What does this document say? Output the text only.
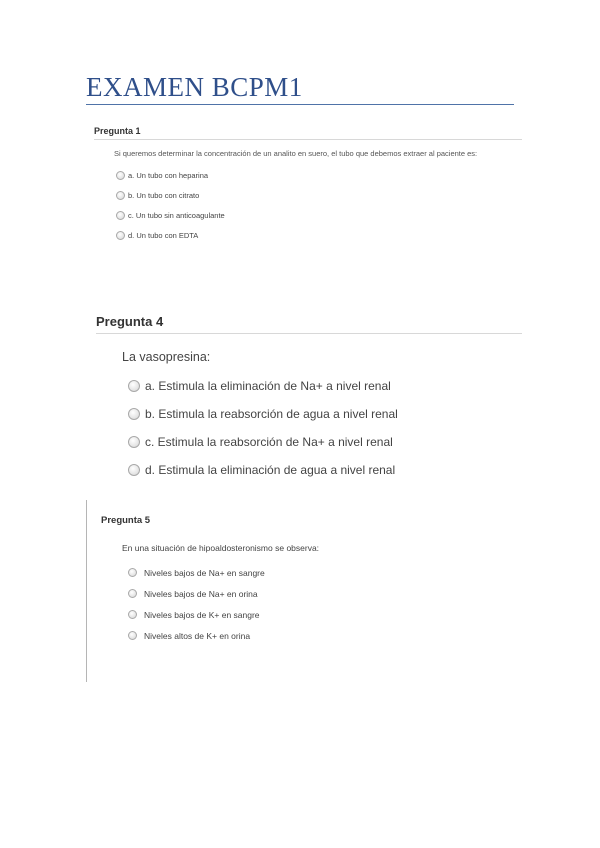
EXAMEN BCPM1
Pregunta 1
Si queremos determinar la concentración de un analito en suero, el tubo que debemos extraer al paciente es:
a. Un tubo con heparina
b. Un tubo con citrato
c. Un tubo sin anticoagulante
d. Un tubo con EDTA
Pregunta 4
La vasopresina:
a. Estimula la eliminación de Na+ a nivel renal
b. Estimula la reabsorción de agua a nivel renal
c. Estimula la reabsorción de Na+ a nivel renal
d. Estimula la eliminación de agua a nivel renal
Pregunta 5
En una situación de hipoaldosteronismo se observa:
Niveles bajos de Na+ en sangre
Niveles bajos de Na+ en orina
Niveles bajos de K+ en sangre
Niveles altos de K+ en orina
